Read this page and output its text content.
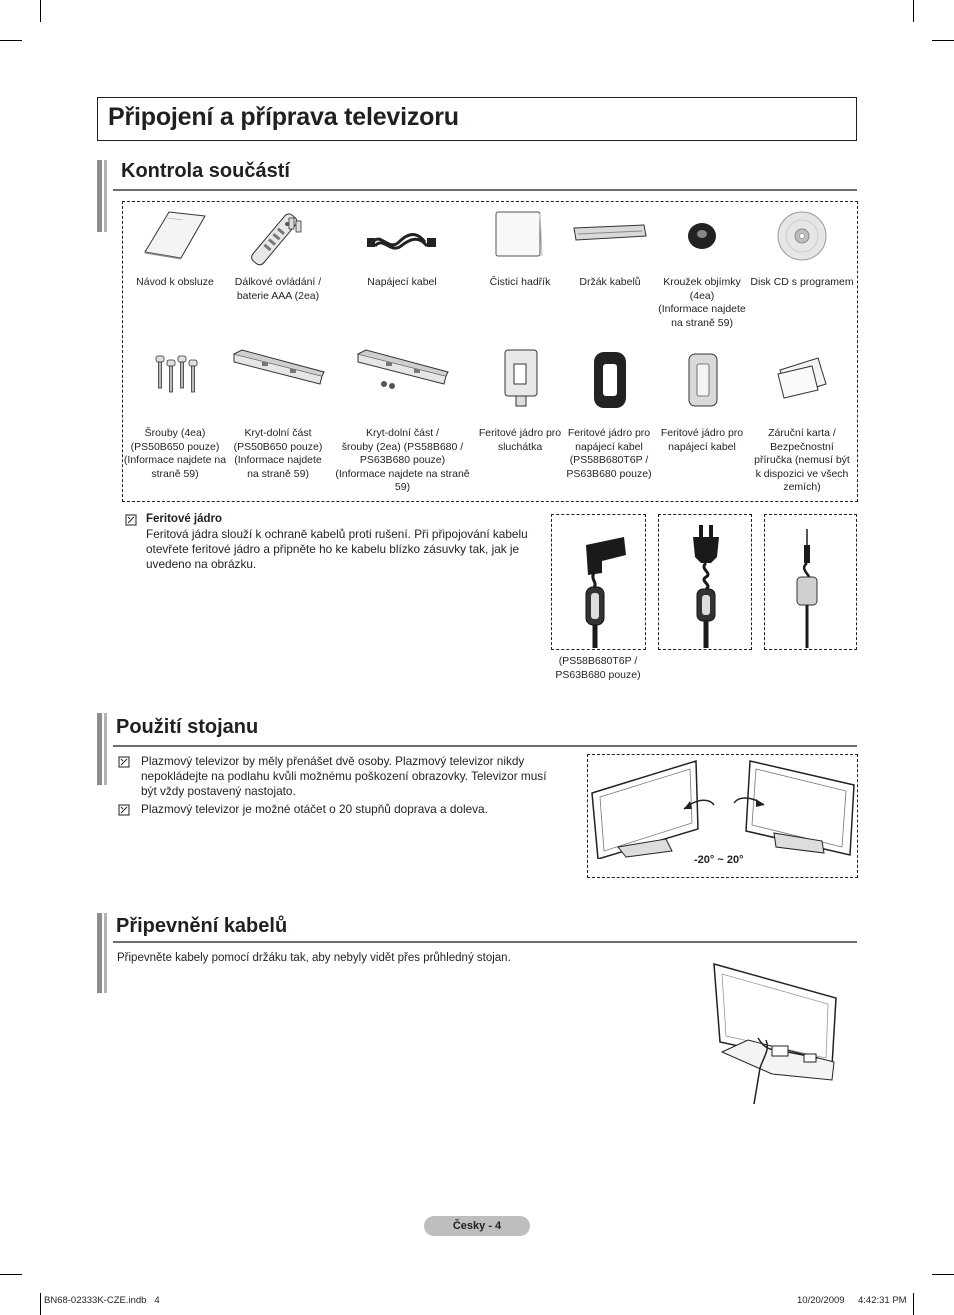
Připojení a příprava televizoru
Kontrola součástí
Návod k obsluze	Dálkové ovládání /
baterie AAA (2ea)
Napájecí kabel	Čisticí hadřík	Držák kabelů	Kroužek objímky
(4ea)
(Informace najdete
na straně 59)
Disk CD s programem
Šrouby (4ea)
(PS50B650 pouze)
(Informace najdete na
straně 59)
Kryt-dolní část
(PS50B650 pouze)
(Informace najdete
na straně 59)
Kryt-dolní část /
šrouby (2ea) (PS58B680 /
PS63B680 pouze)
(Informace najdete na straně
59)
Feritové jádro pro
sluchátka
Feritové jádro pro
napájecí kabel
(PS58B680T6P /
PS63B680 pouze)
Feritové jádro pro
napájecí kabel
Záruční karta /
Bezpečnostní
příručka (nemusí být
k dispozici ve všech
zemích)
Feritové jádro
Feritová jádra slouží k ochraně kabelů proti rušení. Při připojování kabelu
otevřete feritové jádro a připněte ho ke kabelu blízko zásuvky tak, jak je
uvedeno na obrázku.
(PS58B680T6P /
PS63B680 pouze)
Použití stojanu
Plazmový televizor by měly přenášet dvě osoby. Plazmový televizor nikdy
nepokládejte na podlahu kvůli možnému poškození obrazovky. Televizor musí
být vždy postavený nastojato.
Plazmový televizor je možné otáčet o 20 stupňů doprava a doleva.
-20° ~ 20°
Připevnění kabelů
Připevněte kabely pomocí držáku tak, aby nebyly vidět přes průhledný stojan.
Česky - 4
BN68-02333K-CZE.indb   4	10/20/2009 4:42:31 PM
